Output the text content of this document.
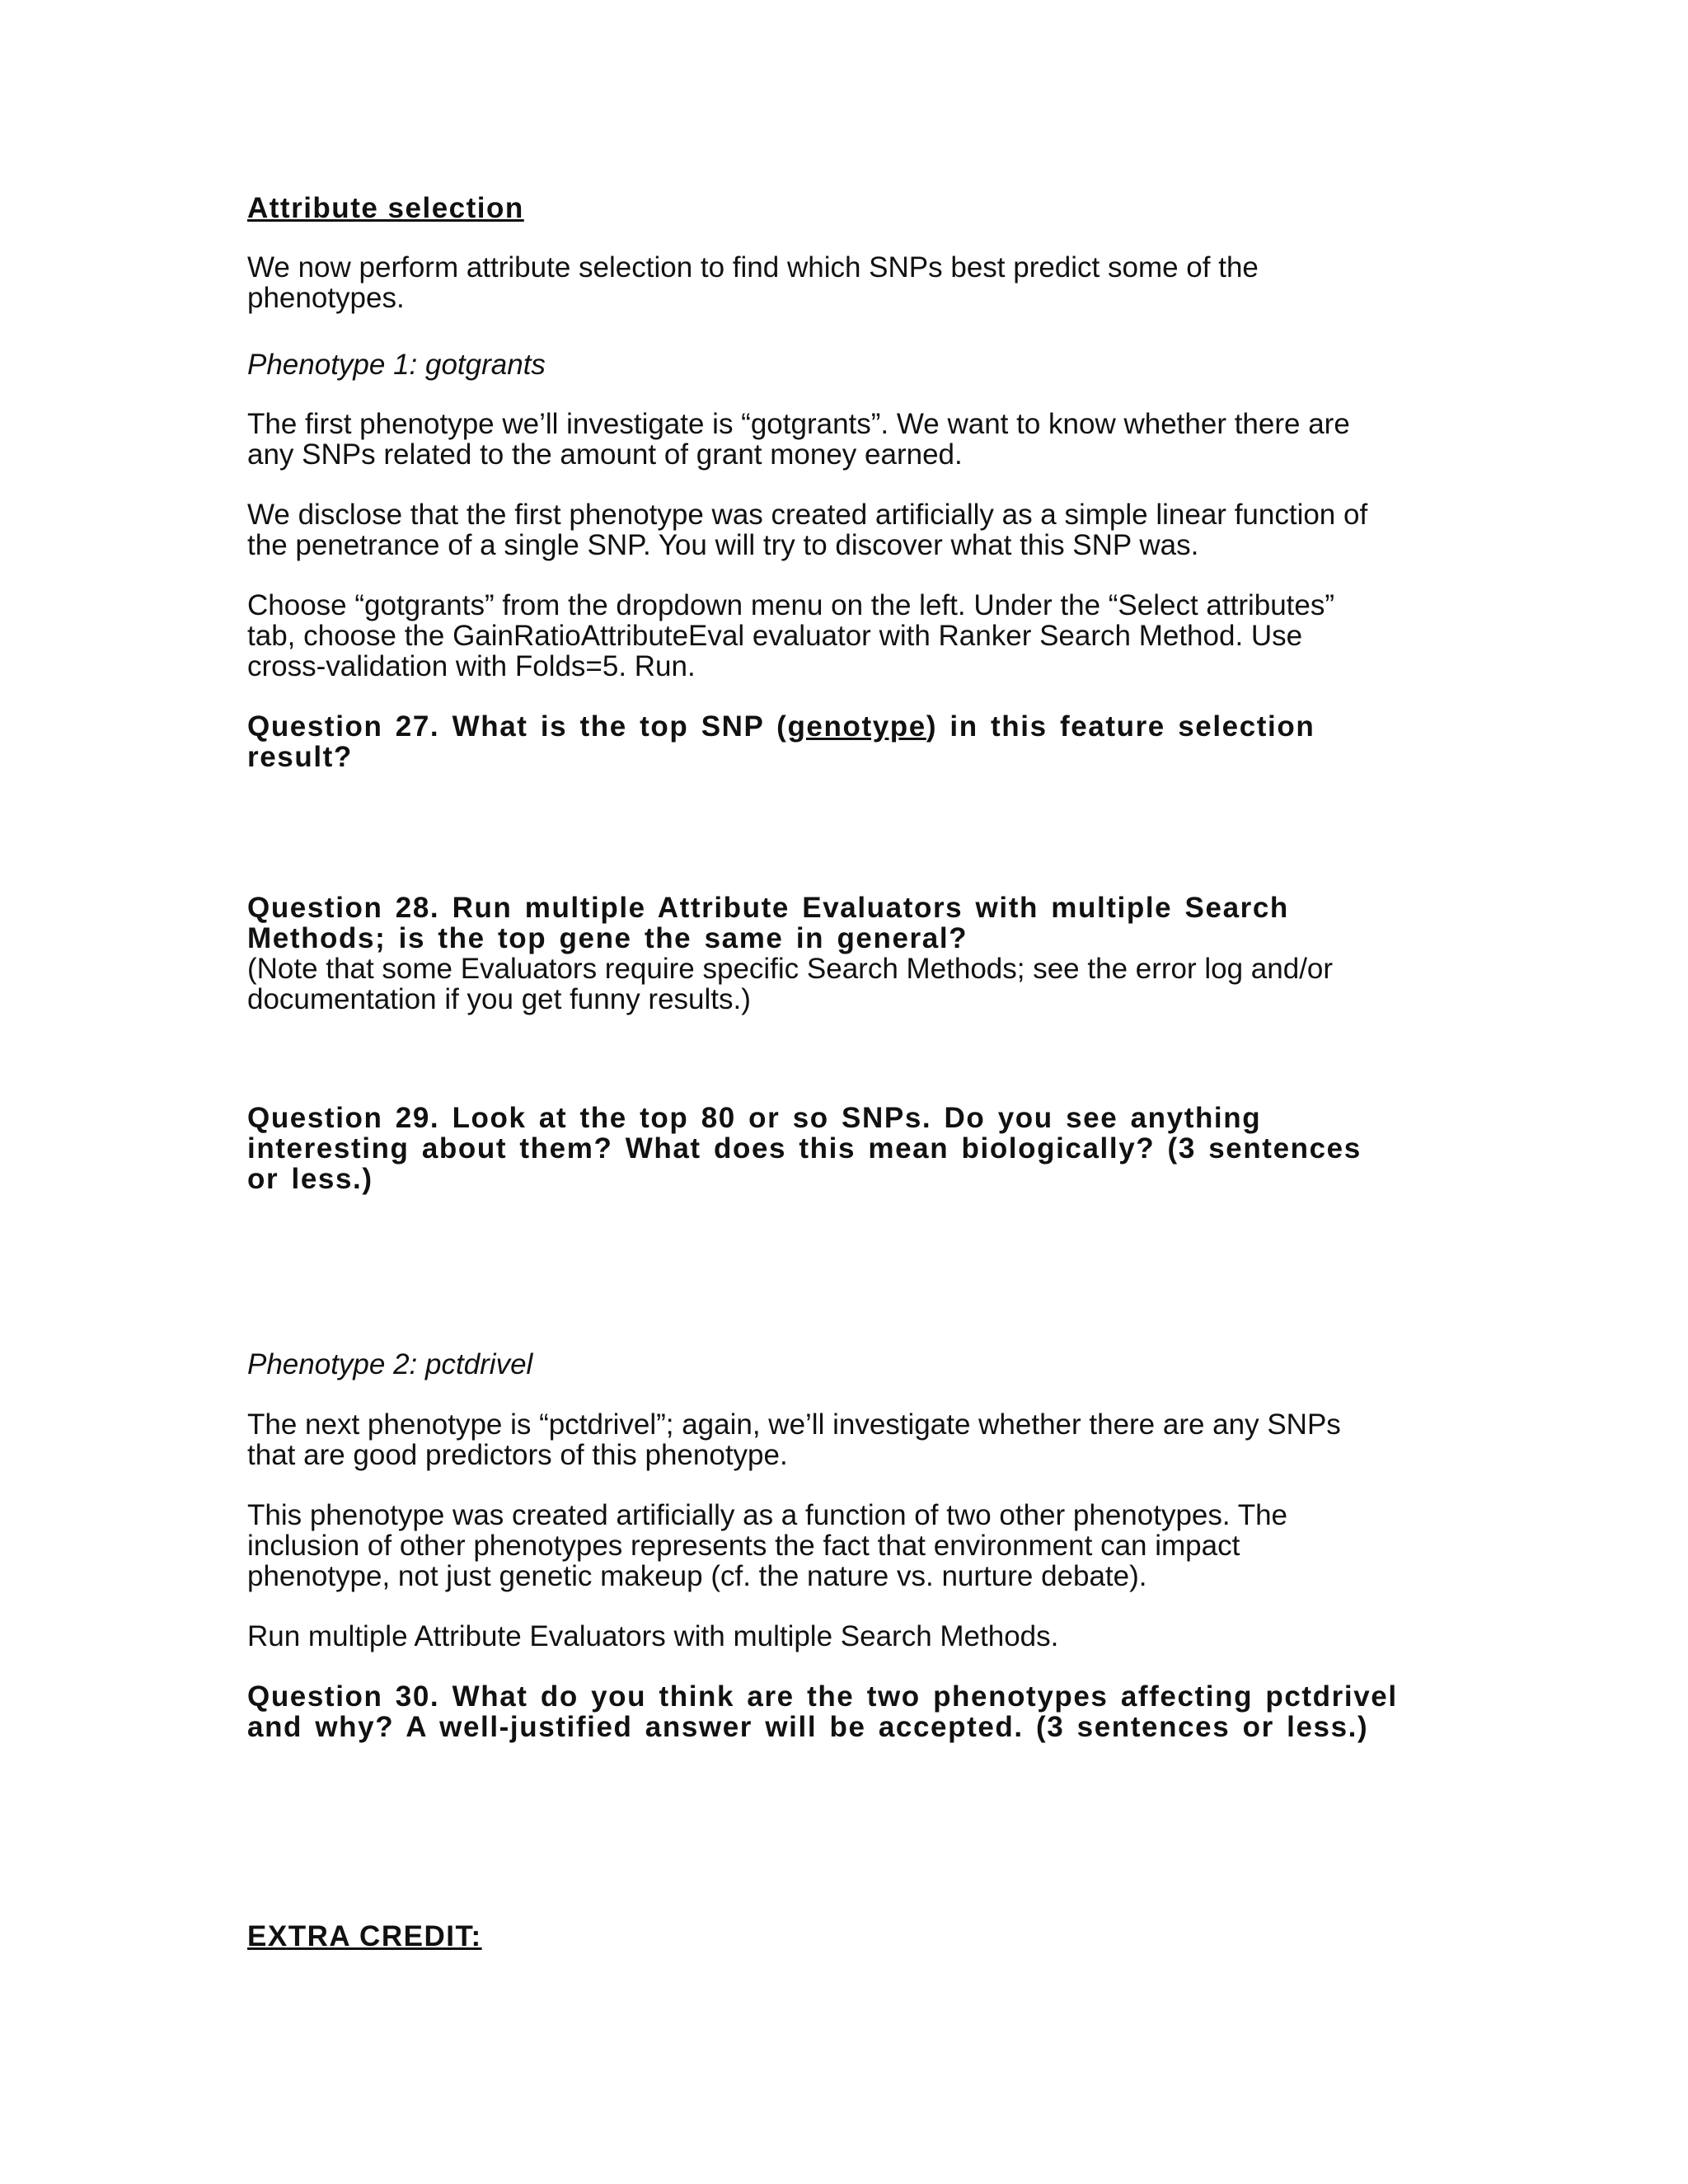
Attribute selection
We now perform attribute selection to find which SNPs best predict some of the
phenotypes.
Phenotype 1: gotgrants
The first phenotype we’ll investigate is “gotgrants”. We want to know whether there are
any SNPs related to the amount of grant money earned.
We disclose that the first phenotype was created artificially as a simple linear function of
the penetrance of a single SNP. You will try to discover what this SNP was.
Choose “gotgrants” from the dropdown menu on the left. Under the “Select attributes”
tab, choose the GainRatioAttributeEval evaluator with Ranker Search Method. Use
cross-validation with Folds=5. Run.
Question 27. What is the top SNP (genotype) in this feature selection
result?
Question 28. Run multiple Attribute Evaluators with multiple Search
Methods; is the top gene the same in general?
(Note that some Evaluators require specific Search Methods; see the error log and/or
documentation if you get funny results.)
Question 29. Look at the top 80 or so SNPs. Do you see anything
interesting about them? What does this mean biologically? (3 sentences
or less.)
Phenotype 2: pctdrivel
The next phenotype is “pctdrivel”; again, we’ll investigate whether there are any SNPs
that are good predictors of this phenotype.
This phenotype was created artificially as a function of two other phenotypes. The
inclusion of other phenotypes represents the fact that environment can impact
phenotype, not just genetic makeup (cf. the nature vs. nurture debate).
Run multiple Attribute Evaluators with multiple Search Methods.
Question 30. What do you think are the two phenotypes affecting pctdrivel
and why? A well-justified answer will be accepted. (3 sentences or less.)
EXTRA CREDIT:
